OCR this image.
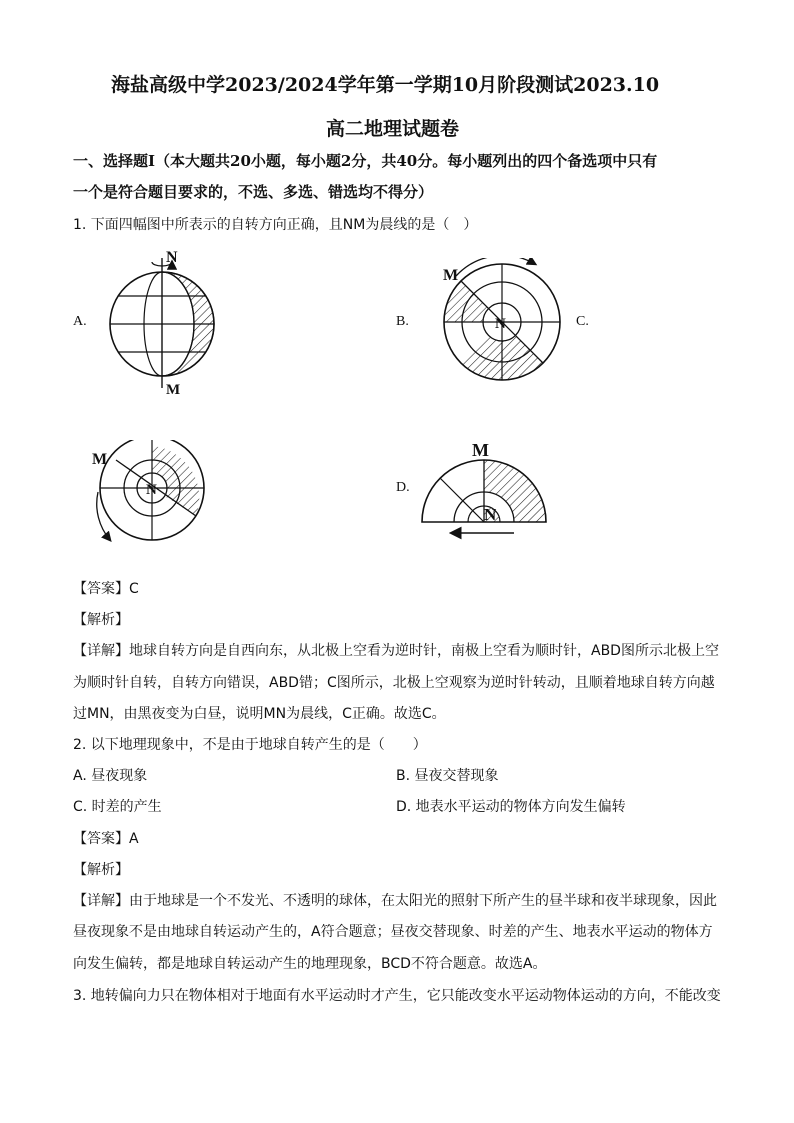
海盐高级中学2023/2024学年第一学期10月阶段测试2023.10
高二地理试题卷
一、选择题Ⅰ（本大题共20小题，每小题2分，共40分。每小题列出的四个备选项中只有
一个是符合题目要求的，不选、多选、错选均不得分）
1. 下面四幅图中所表示的自转方向正确，且NM为晨线的是（　）
A.
N
M
B.
M
N	C.
M
N	D.
M
N
【答案】C
【解析】
【详解】地球自转方向是自西向东，从北极上空看为逆时针，南极上空看为顺时针，ABD图所示北极上空
为顺时针自转，自转方向错误，ABD错；C图所示，北极上空观察为逆时针转动，且顺着地球自转方向越
过MN，由黑夜变为白昼，说明MN为晨线，C正确。故选C。
2. 以下地理现象中，不是由于地球自转产生的是（　　）
A. 昼夜现象	B. 昼夜交替现象
C. 时差的产生	D. 地表水平运动的物体方向发生偏转
【答案】A
【解析】
【详解】由于地球是一个不发光、不透明的球体，在太阳光的照射下所产生的昼半球和夜半球现象，因此
昼夜现象不是由地球自转运动产生的，A符合题意；昼夜交替现象、时差的产生、地表水平运动的物体方
向发生偏转，都是地球自转运动产生的地理现象，BCD不符合题意。故选A。
3. 地转偏向力只在物体相对于地面有水平运动时才产生，它只能改变水平运动物体运动的方向，不能改变
